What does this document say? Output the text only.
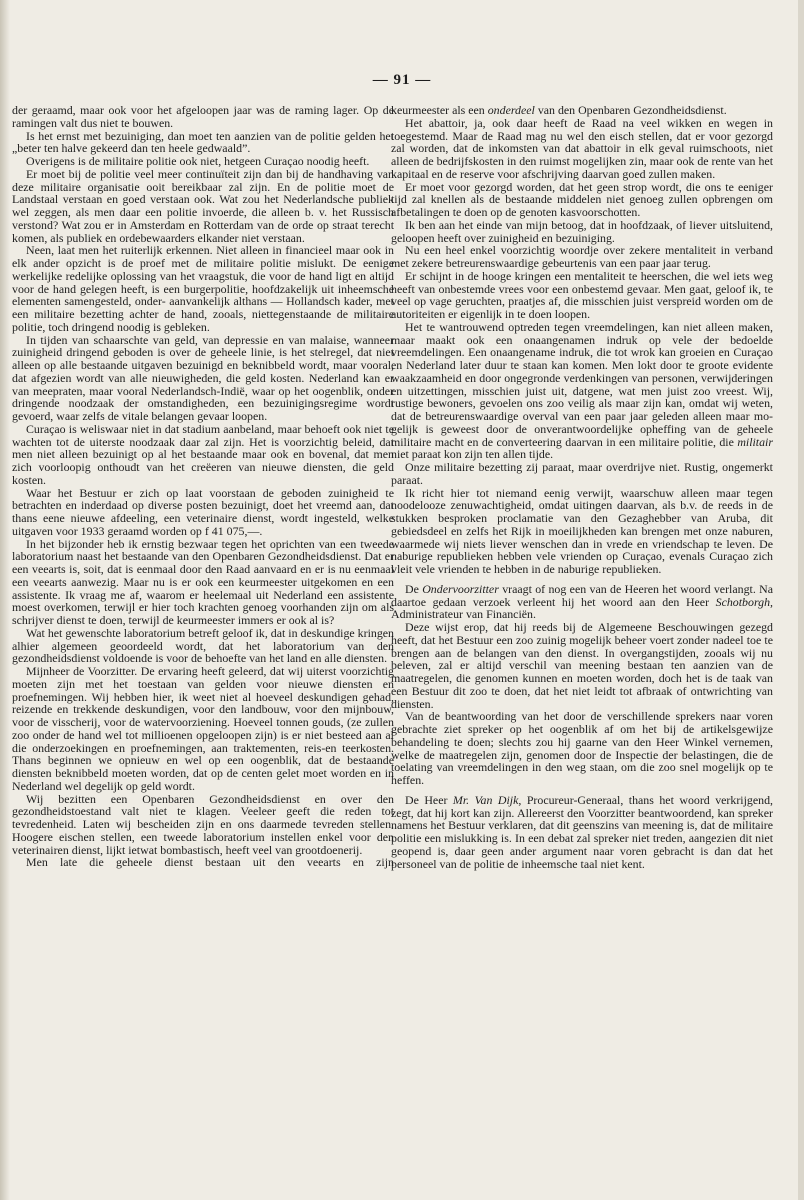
— 91 —

der geraamd, maar ook voor het afgeloopen jaar was de raming lager. Op de ramingen valt dus niet te bouwen.

Is het ernst met bezuiniging, dan moet ten aanzien van de politie gelden het „beter ten halve gekeerd dan ten heele gedwaald”.

Overigens is de militaire politie ook niet, hetgeen Curaçao noodig heeft.

Er moet bij de politie veel meer continuïteit zijn dan bij de handhaving van deze militaire organisatie ooit bereikbaar zal zijn. En de politie moet de Landstaal verstaan en goed verstaan ook. Wat zou het Nederlandsche publiek wel zeggen, als men daar een politie invoerde, die alleen b. v. het Russisch verstond? Wat zou er in Amsterdam en Rotterdam van de orde op straat terecht komen, als publiek en ordebewaarders elkander niet verstaan.

Neen, laat men het ruiterlijk erkennen. Niet alleen in financieel maar ook in elk ander opzicht is de proef met de militaire politie mislukt. De eenige werkelijke redelijke oplossing van het vraagstuk, die voor de hand ligt en altijd voor de hand gelegen heeft, is een burgerpolitie, hoofdzakelijk uit inheemsche elementen samengesteld, onder- aanvankelijk althans — Hollandsch kader, met een militaire bezetting achter de hand, zooals, niettegenstaande de militaire politie, toch dringend noodig is gebleken.

In tijden van schaarschte van geld, van depressie en van malaise, wanneer zuinigheid dringend geboden is over de geheele linie, is het stelregel, dat niet alleen op alle bestaande uitgaven bezuinigd en beknibbeld wordt, maar vooral, dat afgezien wordt van alle nieuwigheden, die geld kosten. Nederland kan er van meepraten, maar vooral Nederlandsch-Indië, waar op het oogenblik, onder dringende noodzaak der omstandigheden, een bezuinigingsregime wordt gevoerd, waar zelfs de vitale belangen gevaar loopen.

Curaçao is weliswaar niet in dat stadium aanbeland, maar behoeft ook niet te wachten tot de uiterste noodzaak daar zal zijn. Het is voorzichtig beleid, dat men niet alleen bezuinigt op al het bestaande maar ook en bovenal, dat men zich voorloopig onthoudt van het creëeren van nieuwe diensten, die geld kosten.

Waar het Bestuur er zich op laat voorstaan de geboden zuinigheid te betrachten en inderdaad op diverse posten bezuinigt, doet het vreemd aan, dat thans eene nieuwe afdeeling, een veterinaire dienst, wordt ingesteld, welke uitgaven voor 1933 geraamd worden op f 41 075,—.

In het bijzonder heb ik ernstig bezwaar tegen het oprichten van een tweede laboratorium naast het bestaande van den Openbaren Gezondheidsdienst. Dat er een veearts is, soit, dat is eenmaal door den Raad aanvaard en er is nu eenmaal een veearts aanwezig. Maar nu is er ook een keurmeester uitgekomen en een assistente. Ik vraag me af, waarom er heelemaal uit Nederland een assistente moest overkomen, terwijl er hier toch krachten genoeg voorhanden zijn om als schrijver dienst te doen, terwijl de keurmeester immers er ook al is?

Wat het gewenschte laboratorium betreft geloof ik, dat in deskundige kringen alhier algemeen geoordeeld wordt, dat het laboratorium van den gezondheidsdienst voldoende is voor de behoefte van het land en alle diensten.

Mijnheer de Voorzitter. De ervaring heeft geleerd, dat wij uiterst voorzichtig moeten zijn met het toestaan van gelden voor nieuwe diensten en proefnemingen. Wij hebben hier, ik weet niet al hoeveel deskundigen gehad, reizende en trekkende deskundigen, voor den landbouw, voor den mijnbouw, voor de visscherij, voor de watervoorziening. Hoeveel tonnen gouds, (ze zullen zoo onder de hand wel tot millioenen opgeloopen zijn) is er niet besteed aan al die onderzoekingen en proefnemingen, aan traktementen, reis-en teerkosten. Thans beginnen we opnieuw en wel op een oogenblik, dat de bestaande diensten beknibbeld moeten worden, dat op de centen gelet moet worden en in Nederland wel degelijk op geld wordt.

Wij bezitten een Openbaren Gezondheidsdienst en over den gezondheidstoestand valt niet te klagen. Veeleer geeft die reden tot tevredenheid. Laten wij bescheiden zijn en ons daarmede tevreden stellen. Hoogere eischen stellen, een tweede laboratorium instellen enkel voor den veterinairen dienst, lijkt ietwat bombastisch, heeft veel van grootdoenerij.

Men late die geheele dienst bestaan uit den veearts en zijn

keurmeester als een onderdeel van den Openbaren Gezondheidsdienst.

Het abattoir, ja, ook daar heeft de Raad na veel wikken en wegen in toegestemd. Maar de Raad mag nu wel den eisch stellen, dat er voor gezorgd zal worden, dat de inkomsten van dat abattoir in elk geval ruimschoots, niet alleen de bedrijfskosten in den ruimst mogelijken zin, maar ook de rente van het kapitaal en de reserve voor afschrijving daarvan goed zullen maken.

Er moet voor gezorgd worden, dat het geen strop wordt, die ons te eeniger tijd zal knellen als de bestaande middelen niet genoeg zullen opbrengen om afbetalingen te doen op de genoten kasvoorschotten.

Ik ben aan het einde van mijn betoog, dat in hoofdzaak, of liever uitsluitend, geloopen heeft over zuinigheid en bezuiniging.

Nu een heel enkel voorzichtig woordje over zekere mentaliteit in verband met zekere betreurenswaardige gebeurtenis van een paar jaar terug.

Er schijnt in de hooge kringen een mentaliteit te heerschen, die wel iets weg heeft van onbestemde vrees voor een onbestemd gevaar. Men gaat, geloof ik, te veel op vage geruchten, praatjes af, die misschien juist verspreid worden om de autoriteiten er eigenlijk in te doen loopen.

Het te wantrouwend optreden tegen vreemdelingen, kan niet alleen maken, maar maakt ook een onaangenamen indruk op vele der bedoelde vreemdelingen. Een onaangename indruk, die tot wrok kan groeien en Curaçao en Nederland later duur te staan kan komen. Men lokt door te groote evidente waakzaamheid en door ongegronde verdenkingen van personen, verwijderingen en uitzettingen, misschien juist uit, datgene, wat men juist zoo vreest. Wij, rustige bewoners, gevoelen ons zoo veilig als maar zijn kan, omdat wij weten, dat de betreurenswaardige overval van een paar jaar geleden alleen maar mogelijk is geweest door de onverantwoordelijke opheffing van de geheele militaire macht en de converteering daarvan in een militaire politie, die militair niet paraat kon zijn ten allen tijde.

Onze militaire bezetting zij paraat, maar overdrijve niet. Rustig, ongemerkt paraat.

Ik richt hier tot niemand eenig verwijt, waarschuw alleen maar tegen noodelooze zenuwachtigheid, omdat uitingen daarvan, als b.v. de reeds in de stukken besproken proclamatie van den Gezaghebber van Aruba, dit gebiedsdeel en zelfs het Rijk in moeilijkheden kan brengen met onze naburen, waarmede wij niets liever wenschen dan in vrede en vriendschap te leven. De naburige republieken hebben vele vrienden op Curaçao, evenals Curaçao zich vleit vele vrienden te hebben in de naburige republieken.

De Ondervoorzitter vraagt of nog een van de Heeren het woord verlangt. Na daartoe gedaan verzoek verleent hij het woord aan den Heer Schotborgh, Administrateur van Financiën.

Deze wijst erop, dat hij reeds bij de Algemeene Beschouwingen gezegd heeft, dat het Bestuur een zoo zuinig mogelijk beheer voert zonder nadeel toe te brengen aan de belangen van den dienst. In overgangstijden, zooals wij nu beleven, zal er altijd verschil van meening bestaan ten aanzien van de maatregelen, die genomen kunnen en moeten worden, doch het is de taak van een Bestuur dit zoo te doen, dat het niet leidt tot afbraak of ontwrichting van diensten.

Van de beantwoording van het door de verschillende sprekers naar voren gebrachte ziet spreker op het oogenblik af om het bij de artikelsgewijze behandeling te doen; slechts zou hij gaarne van den Heer Winkel vernemen, welke de maatregelen zijn, genomen door de Inspectie der belastingen, die de toelating van vreemdelingen in den weg staan, om die zoo snel mogelijk op te heffen.

De Heer Mr. Van Dijk, Procureur-Generaal, thans het woord verkrijgend, zegt, dat hij kort kan zijn. Allereerst den Voorzitter beantwoordend, kan spreker namens het Bestuur verklaren, dat dit geenszins van meening is, dat de militaire politie een mislukking is. In een debat zal spreker niet treden, aangezien dit niet geopend is, daar geen ander argument naar voren gebracht is dan dat het personeel van de politie de inheemsche taal niet kent.
